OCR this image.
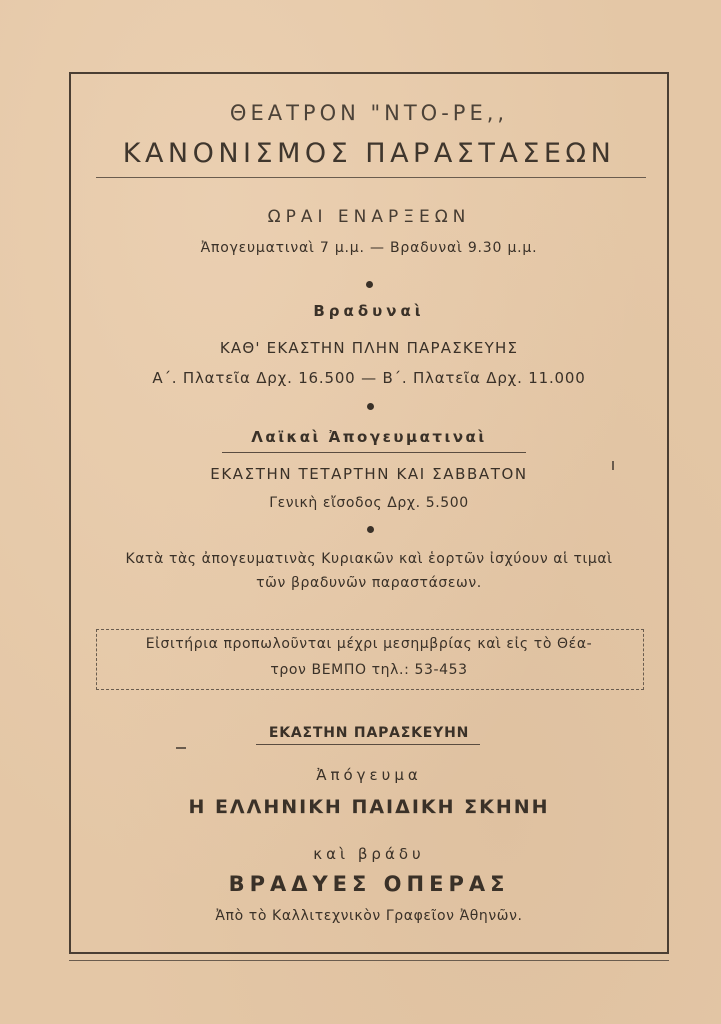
ΘΕΑΤΡΟΝ "ΝΤΟ-ΡΕ,,
ΚΑΝΟΝΙΣΜΟΣ ΠΑΡΑΣΤΑΣΕΩΝ
ΩΡΑΙ ΕΝΑΡΞΕΩΝ
Ἀπογευματιναὶ 7 μ.μ. — Βραδυναὶ 9.30 μ.μ.
Βραδυναὶ
ΚΑΘ' ΕΚΑΣΤΗΝ ΠΛΗΝ ΠΑΡΑΣΚΕΥΗΣ
Α΄. Πλατεῖα Δρχ. 16.500 — Β΄. Πλατεῖα Δρχ. 11.000
Λαϊκαὶ Ἀπογευματιναὶ
ΕΚΑΣΤΗΝ ΤΕΤΑΡΤΗΝ ΚΑΙ ΣΑΒΒΑΤΟΝ
Γενικὴ εἴσοδος Δρχ. 5.500
Κατὰ τὰς ἀπογευματινὰς Κυριακῶν καὶ ἑορτῶν ἰσχύουν αἱ τιμαὶ
τῶν βραδυνῶν παραστάσεων.
Εἰσιτήρια προπωλοῦνται μέχρι μεσημβρίας καὶ εἰς τὸ Θέα-
τρον ΒΕΜΠΟ τηλ.: 53-453
ΕΚΑΣΤΗΝ ΠΑΡΑΣΚΕΥΗΝ
Ἀπόγευμα
Η ΕΛΛΗΝΙΚΗ ΠΑΙΔΙΚΗ ΣΚΗΝΗ
καὶ βράδυ
ΒΡΑΔΥΕΣ ΟΠΕΡΑΣ
Ἀπὸ τὸ Καλλιτεχνικὸν Γραφεῖον Ἀθηνῶν.
